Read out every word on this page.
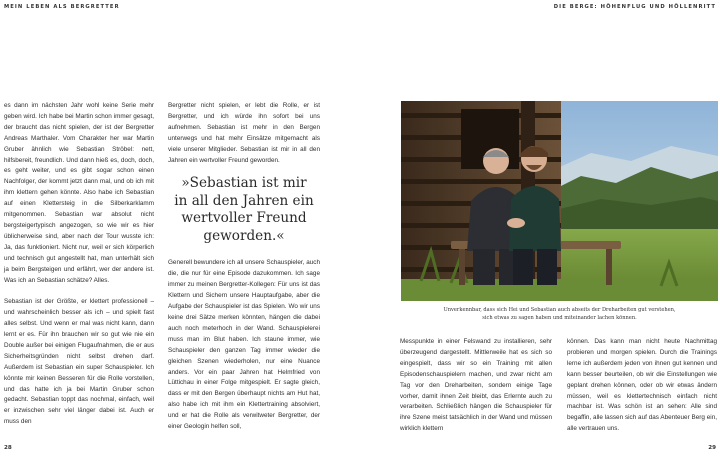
MEIN LEBEN ALS BERGRETTER	DIE BERGE: HÖHENFLUG UND HÖLLENRITT

es dann im nächsten Jahr wohl keine Serie mehr geben wird. Ich habe bei Martin schon immer gesagt, der braucht das nicht spielen, der ist der Bergretter Andreas Marthaler. Vom Charakter her war Martin Gruber ähnlich wie Sebastian Ströbel: nett, hilfsbereit, freundlich. Und dann hieß es, doch, doch, es geht weiter, und es gibt sogar schon einen Nachfolger, der kommt jetzt dann mal, und ob ich mit ihm klettern gehen könnte. Also habe ich Sebastian auf einen Klettersteig in die Silberkarklamm mitgenommen. Sebastian war absolut nicht bergsteigertypisch angezogen, so wie wir es hier üblicherweise sind, aber nach der Tour wusste ich: Ja, das funktioniert. Nicht nur, weil er sich körperlich und technisch gut angestellt hat, man unterhält sich ja beim Bergsteigen und erfährt, wer der andere ist. Was ich an Sebastian schätze? Alles.

Sebastian ist der Größte, er klettert professionell – und wahrscheinlich besser als ich – und spielt fast alles selbst. Und wenn er mal was nicht kann, dann lernt er es. Für ihn brauchen wir so gut wie nie ein Double außer bei einigen Flugaufnahmen, die er aus Sicherheitsgründen nicht selbst drehen darf. Außerdem ist Sebastian ein super Schauspieler. Ich könnte mir keinen Besseren für die Rolle vorstellen, und das hatte ich ja bei Martin Gruber schon gedacht. Sebastian toppt das nochmal, einfach, weil er inzwischen sehr viel länger dabei ist. Auch er muss den

Bergretter nicht spielen, er lebt die Rolle, er ist Bergretter, und ich würde ihn sofort bei uns aufnehmen. Sebastian ist mehr in den Bergen unterwegs und hat mehr Einsätze mitgemacht als viele unserer Mitglieder. Sebastian ist mir in all den Jahren ein wertvoller Freund geworden.

Generell bewundere ich all unsere Schauspieler, auch die, die nur für eine Episode dazukommen. Ich sage immer zu meinen Bergretter-Kollegen: Für uns ist das Klettern und Sichern unsere Hauptaufgabe, aber die Aufgabe der Schauspieler ist das Spielen. Wo wir uns keine drei Sätze merken könnten, hängen die dabei auch noch meterhoch in der Wand. Schauspielerei muss man im Blut haben. Ich staune immer, wie Schauspieler den ganzen Tag immer wieder die gleichen Szenen wiederholen, nur eine Nuance anders. Vor ein paar Jahren hat Helmfried von Lüttichau in einer Folge mitgespielt. Er sagte gleich, dass er mit den Bergen überhaupt nichts am Hut hat, also habe ich mit ihm ein Klettertraining absolviert, und er hat die Rolle als verwitweter Bergretter, der einer Geologin helfen soll,

»Sebastian ist mir
in all den Jahren ein
wertvoller Freund
geworden.«
Unverkennbar, dass sich Hei und Sebastian auch abseits der Dreharbeiten gut verstehen,
sich etwas zu sagen haben und miteinander lachen können.

Messpunkte in einer Felswand zu installieren, sehr überzeugend dargestellt. Mittlerweile hat es sich so eingespielt, dass wir so ein Training mit allen Episodenschauspielern machen, und zwar nicht am Tag vor den Dreharbeiten, sondern einige Tage vorher, damit ihnen Zeit bleibt, das Erlernte auch zu verarbeiten. Schließlich hängen die Schauspieler für ihre Szene meist tatsächlich in der Wand und müssen wirklich klettern

können. Das kann man nicht heute Nachmittag probieren und morgen spielen. Durch die Trainings lerne ich außerdem jeden von ihnen gut kennen und kann besser beurteilen, ob wir die Einstellungen wie geplant drehen können, oder ob wir etwas ändern müssen, weil es klettertechnisch einfach nicht machbar ist. Was schön ist an sehen: Alle sind begaffin, alle lassen sich auf das Abenteuer Berg ein, alle vertrauen uns.

28	29
